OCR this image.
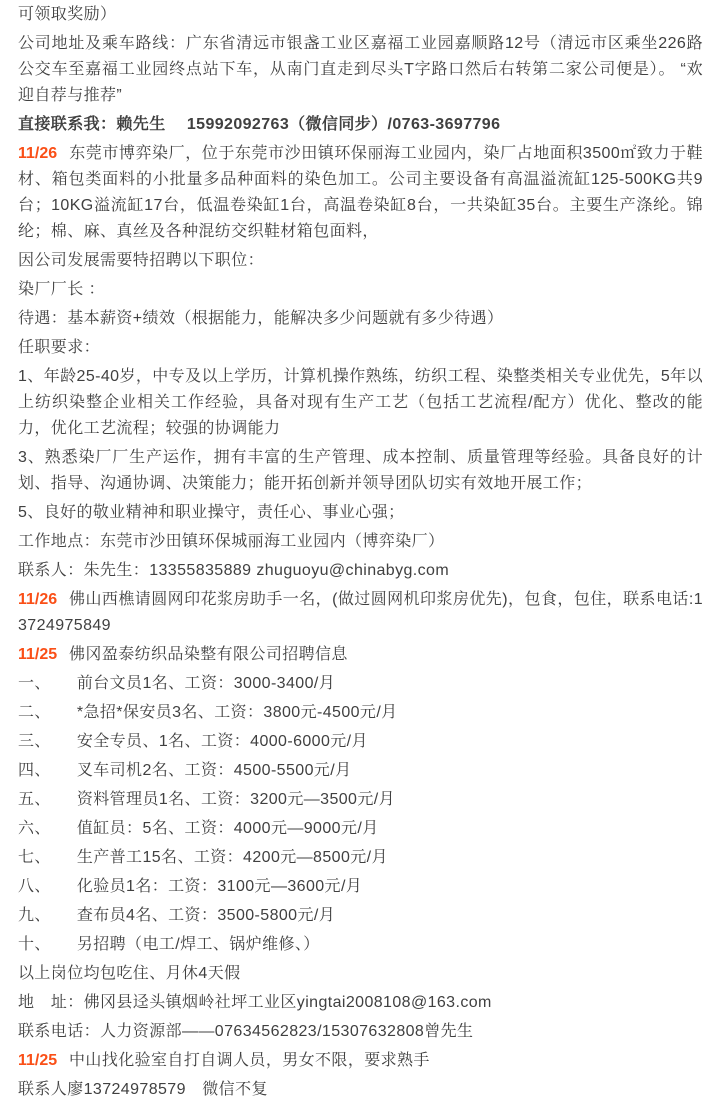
可领取奖励）

公司地址及乘车路线：广东省清远市银盏工业区嘉福工业园嘉顺路12号（清远市区乘坐226路公交车至嘉福工业园终点站下车，从南门直走到尽头T字路口然后右转第二家公司便是）。 “欢迎自荐与推荐”

直接联系我：赖先生　 15992092763（微信同步）/0763-3697796

11/26 东莞市博弈染厂，位于东莞市沙田镇环保丽海工业园内，染厂占地面积3500㎡致力于鞋材、箱包类面料的小批量多品种面料的染色加工。公司主要设备有高温溢流缸125-500KG共9台；10KG溢流缸17台，低温卷染缸1台，高温卷染缸8台，一共染缸35台。主要生产涤纶。锦纶；棉、麻、真丝及各种混纺交织鞋材箱包面料，

因公司发展需要特招聘以下职位：

染厂厂长 ：

待遇：基本薪资+绩效（根据能力，能解决多少问题就有多少待遇）

任职要求：

1、年龄25-40岁，中专及以上学历，计算机操作熟练，纺织工程、染整类相关专业优先，5年以上纺织染整企业相关工作经验，具备对现有生产工艺（包括工艺流程/配方）优化、整改的能力，优化工艺流程；较强的协调能力

3、熟悉染厂厂生产运作，拥有丰富的生产管理、成本控制、质量管理等经验。具备良好的计划、指导、沟通协调、决策能力；能开拓创新并领导团队切实有效地开展工作；

5、良好的敬业精神和职业操守，责任心、事业心强；

工作地点：东莞市沙田镇环保城丽海工业园内（博弈染厂）

联系人：朱先生：13355835889 zhuguoyu@chinabyg.com

11/26 佛山西樵请圆网印花浆房助手一名，(做过圆网机印浆房优先)，包食，包住，联系电话:13724975849

11/25 佛冈盈泰纺织品染整有限公司招聘信息

一、 前台文员1名、工资：3000-3400/月

二、 *急招*保安员3名、工资：3800元-4500元/月

三、 安全专员、1名、工资：4000-6000元/月

四、 叉车司机2名、工资：4500-5500元/月

五、 资料管理员1名、工资：3200元—3500元/月

六、 值缸员：5名、工资：4000元—9000元/月

七、 生产普工15名、工资：4200元—8500元/月

八、 化验员1名：工资：3100元—3600元/月

九、 查布员4名、工资：3500-5800元/月

十、 另招聘（电工/焊工、锅炉维修、）

以上岗位均包吃住、月休4天假

地　址：佛冈县迳头镇烟岭社坪工业区yingtai2008108@163.com

联系电话：人力资源部——07634562823/15307632808曾先生

11/25 中山找化验室自打自调人员，男女不限，要求熟手

联系人廖13724978579　微信不复
